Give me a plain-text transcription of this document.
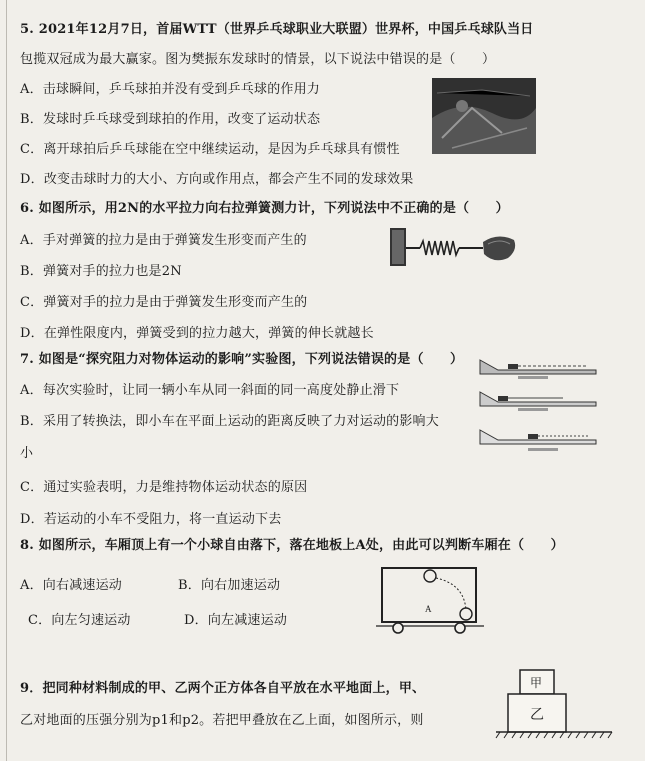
5. 2021年12月7日，首届WTT（世界乒乓球职业大联盟）世界杯，中国乒乓球队当日
包揽双冠成为最大赢家。图为樊振东发球时的情景，以下说法中错误的是（　　）
A．击球瞬间，乒乓球拍并没有受到乒乓球的作用力
B．发球时乒乓球受到球拍的作用，改变了运动状态
C．离开球拍后乒乓球能在空中继续运动，是因为乒乓球具有惯性
D．改变击球时力的大小、方向或作用点，都会产生不同的发球效果
6. 如图所示，用2N的水平拉力向右拉弹簧测力计，下列说法中不正确的是（　　）
A．手对弹簧的拉力是由于弹簧发生形变而产生的
B．弹簧对手的拉力也是2N
C．弹簧对手的拉力是由于弹簧发生形变而产生的
D．在弹性限度内，弹簧受到的拉力越大，弹簧的伸长就越长
7. 如图是“探究阻力对物体运动的影响”实验图，下列说法错误的是（　　）
A．每次实验时，让同一辆小车从同一斜面的同一高度处静止滑下
B．采用了转换法，即小车在平面上运动的距离反映了力对运动的影响大
小
C．通过实验表明，力是维持物体运动状态的原因
D．若运动的小车不受阻力，将一直运动下去
8. 如图所示，车厢顶上有一个小球自由落下，落在地板上A处，由此可以判断车厢在（　　）
A．向右减速运动	B．向右加速运动
C．向左匀速运动	D．向左减速运动
A
9．把同种材料制成的甲、乙两个正方体各自平放在水平地面上，甲、
乙对地面的压强分别为p1和p2。若把甲叠放在乙上面，如图所示，则
甲
乙
